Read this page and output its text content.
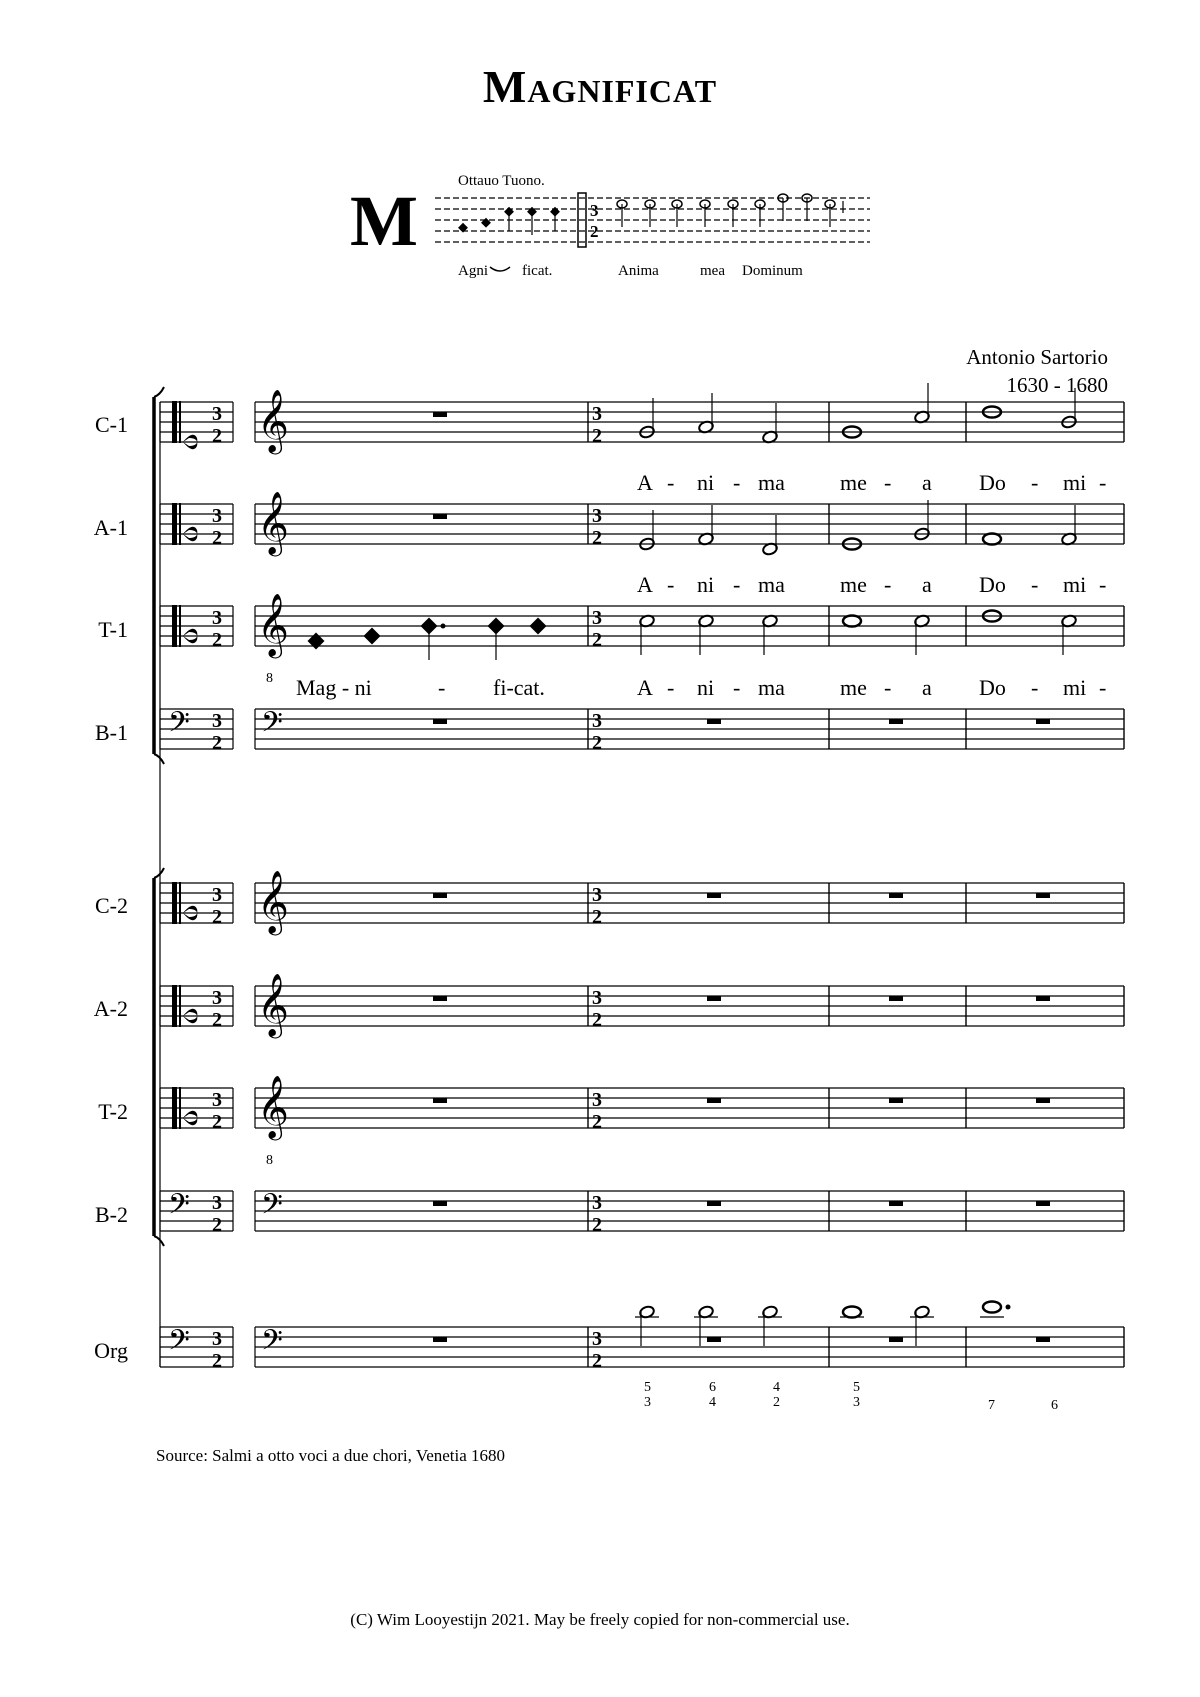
Magnificat
M	Ottauo Tuono.
3
2
Agni ficat.	Anima	mea Dominum
Antonio Sartorio
1630 - 1680
C-1
A-1
T-1
B-1
C-2
A-2
T-2
B-2
Org
3
2 𝄞	3
2
3
2 𝄞	3
2
3
2 𝄞
8
3
2
𝄢 3
2 𝄢	3
2
3
2 𝄞	3
2
3
2 𝄞	3
2
3
2 𝄞
8
3
2
𝄢 3
2 𝄢	3
2
𝄢 3
2 𝄢	3
2
A - ni - ma	me - a Do - mi -
A - ni - ma	me - a Do - mi -
Mag - ni	- fi-cat.	A - ni - ma	me - a Do - mi -
5
3
6
4
4
2
5
3	7	6
Source: Salmi a otto voci a due chori, Venetia 1680
(C) Wim Looyestijn 2021. May be freely copied for non-commercial use.
